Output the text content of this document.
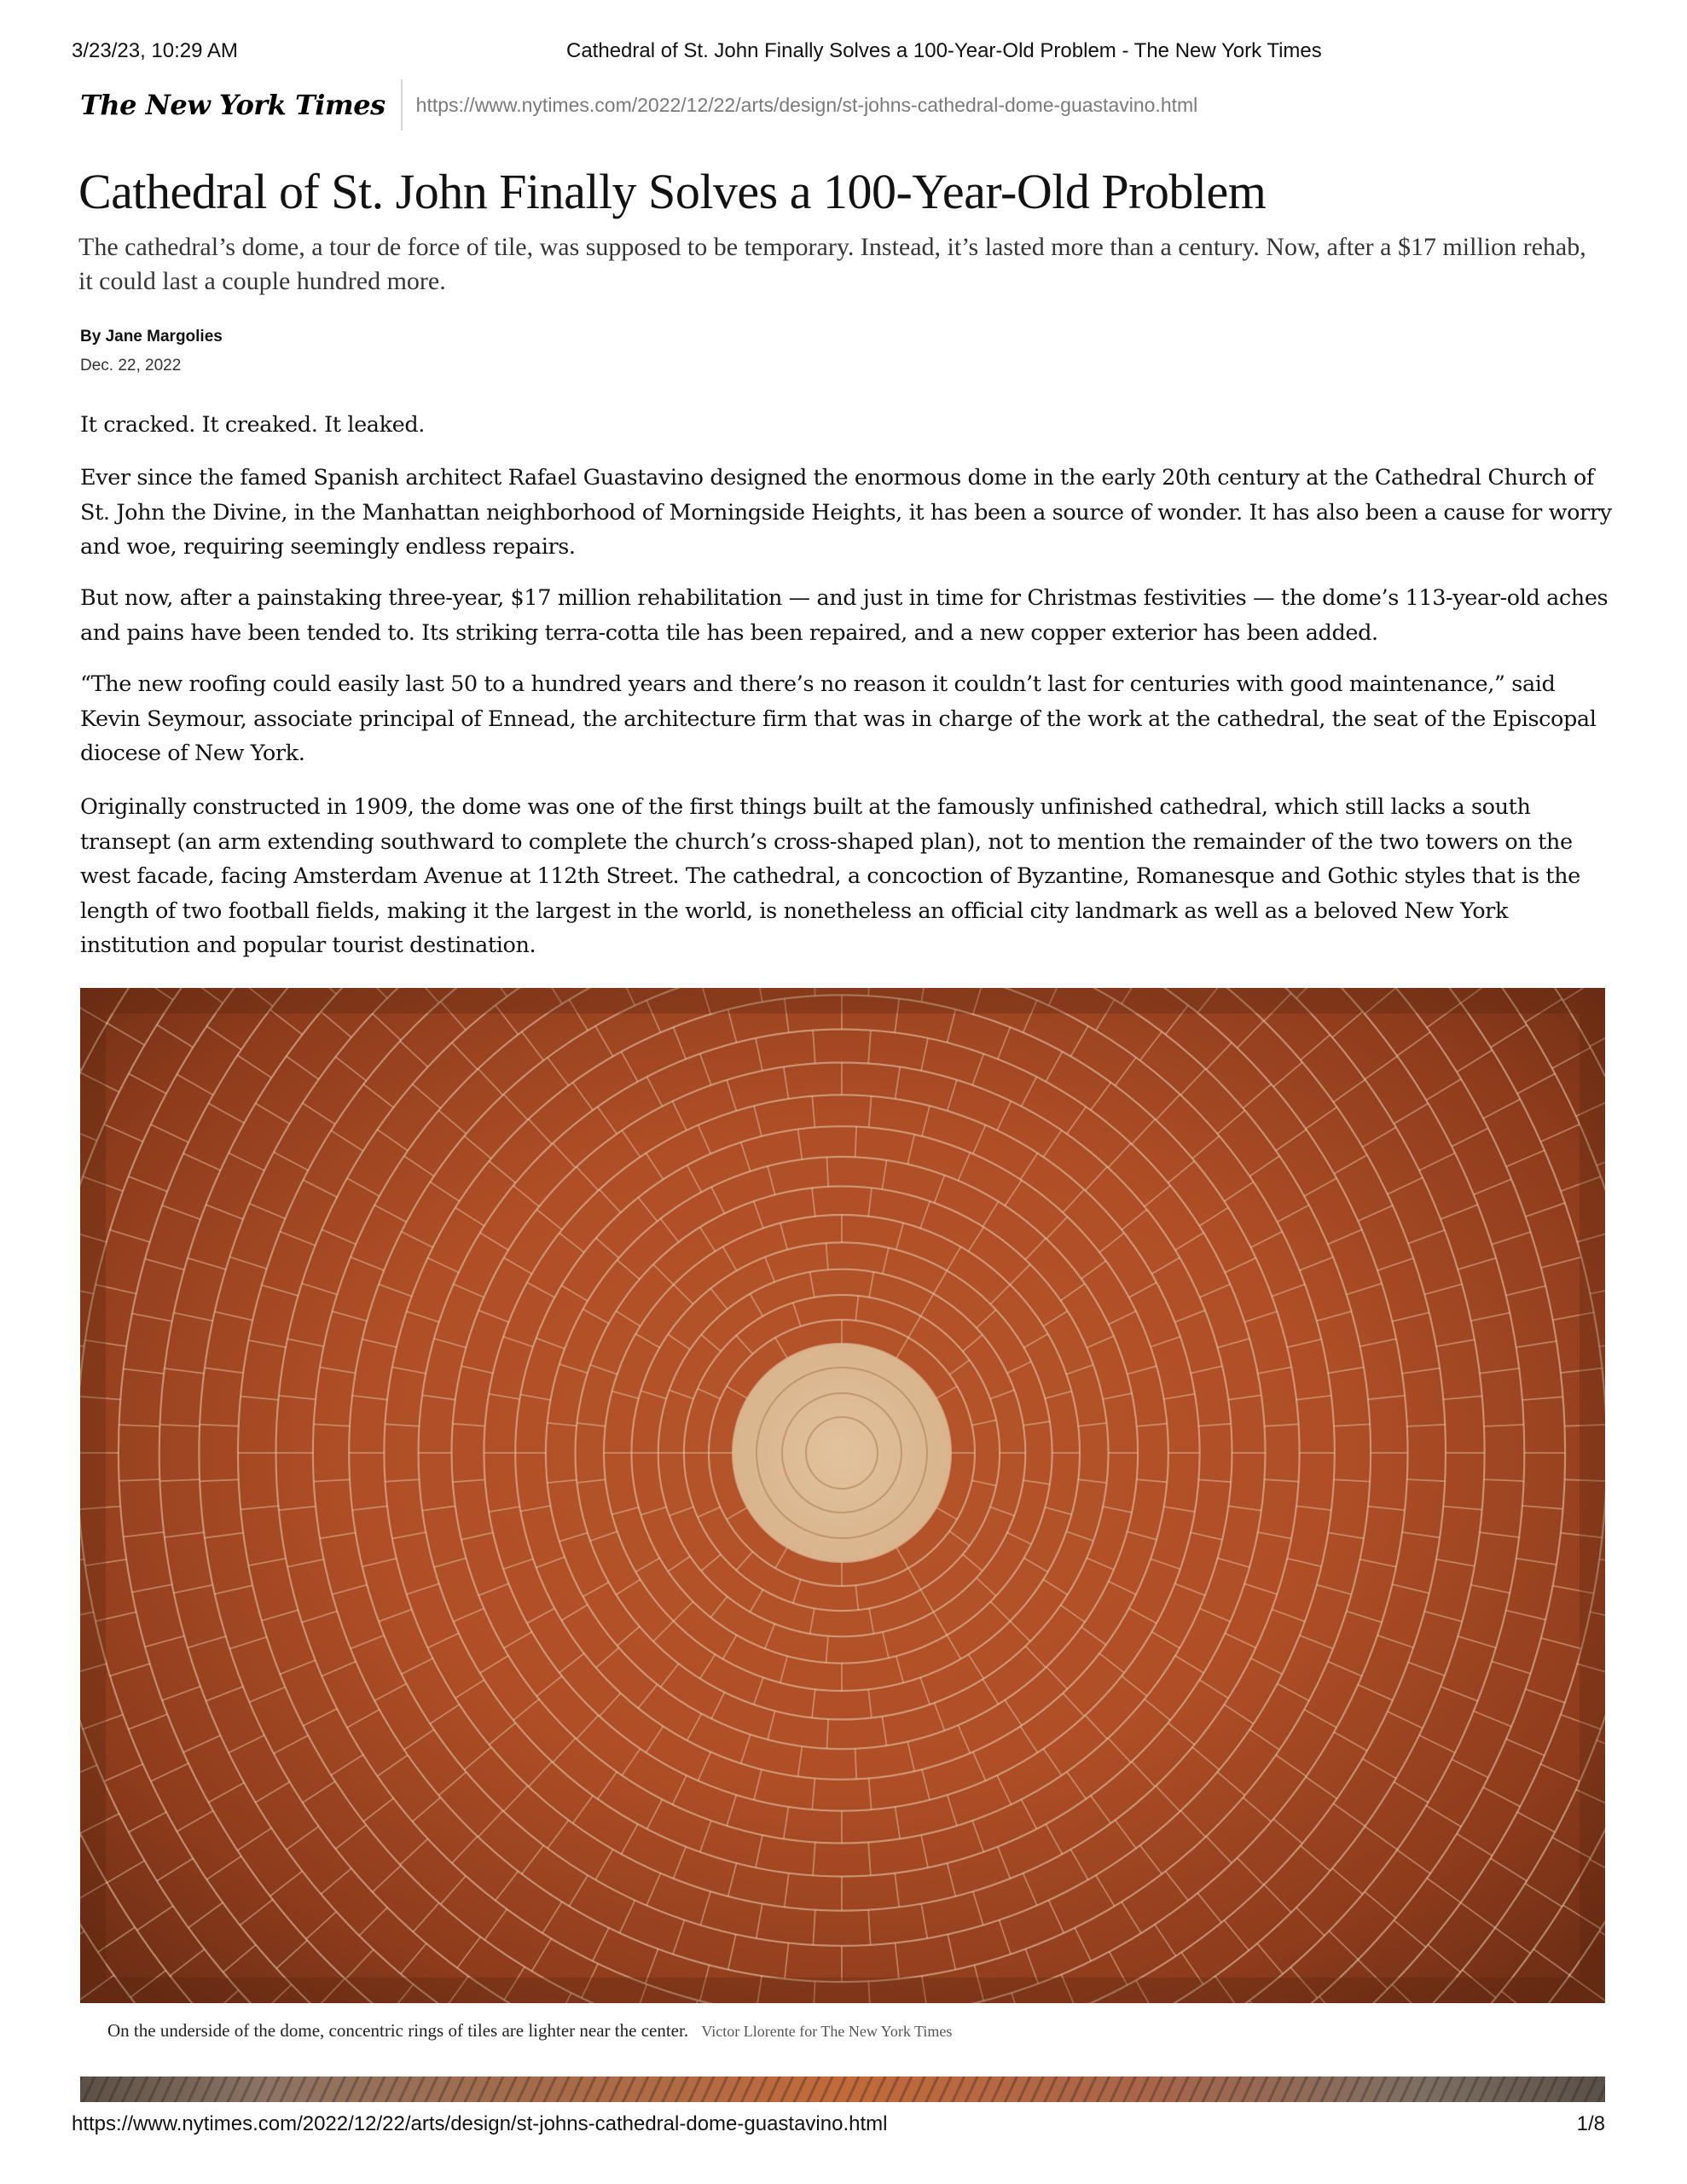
3/23/23, 10:29 AM	Cathedral of St. John Finally Solves a 100-Year-Old Problem - The New York Times
The New York Times https://www.nytimes.com/2022/12/22/arts/design/st-johns-cathedral-dome-guastavino.html
Cathedral of St. John Finally Solves a 100-Year-Old Problem

The cathedral’s dome, a tour de force of tile, was supposed to be temporary. Instead, it’s lasted more than a century. Now, after a $17 million rehab, it could last a couple hundred more.

By Jane Margolies
Dec. 22, 2022

It cracked. It creaked. It leaked.

Ever since the famed Spanish architect Rafael Guastavino designed the enormous dome in the early 20th century at the Cathedral Church of St. John the Divine, in the Manhattan neighborhood of Morningside Heights, it has been a source of wonder. It has also been a cause for worry and woe, requiring seemingly endless repairs.

But now, after a painstaking three-year, $17 million rehabilitation — and just in time for Christmas festivities — the dome’s 113-year-old aches and pains have been tended to. Its striking terra-cotta tile has been repaired, and a new copper exterior has been added.

“The new roofing could easily last 50 to a hundred years and there’s no reason it couldn’t last for centuries with good maintenance,” said Kevin Seymour, associate principal of Ennead, the architecture firm that was in charge of the work at the cathedral, the seat of the Episcopal diocese of New York.

Originally constructed in 1909, the dome was one of the first things built at the famously unfinished cathedral, which still lacks a south transept (an arm extending southward to complete the church’s cross-shaped plan), not to mention the remainder of the two towers on the west facade, facing Amsterdam Avenue at 112th Street. The cathedral, a concoction of Byzantine, Romanesque and Gothic styles that is the length of two football fields, making it the largest in the world, is nonetheless an official city landmark as well as a beloved New York institution and popular tourist destination.

On the underside of the dome, concentric rings of tiles are lighter near the center. Victor Llorente for The New York Times
https://www.nytimes.com/2022/12/22/arts/design/st-johns-cathedral-dome-guastavino.html	1/8
